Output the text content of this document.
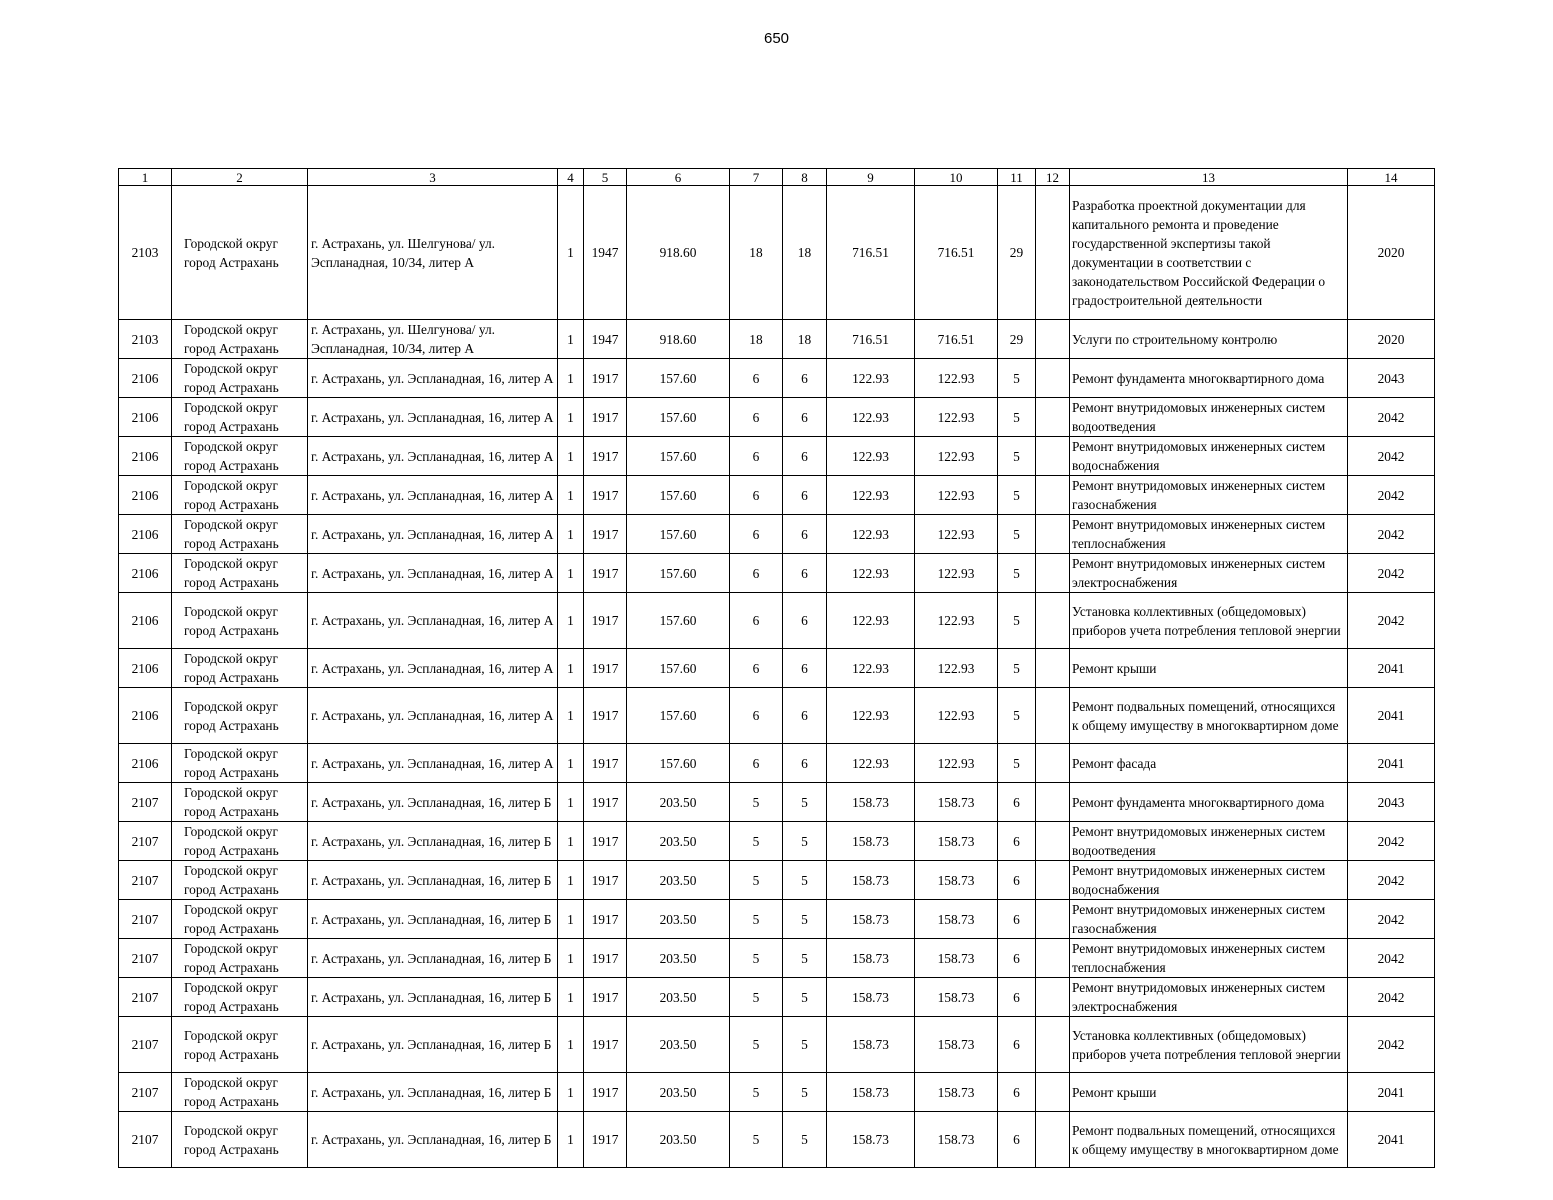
650
1	2	3	4	5	6	7	8	9	10	11	12	13	14
2103	Городской округ город Астрахань	г. Астрахань, ул. Шелгунова/ ул. Эспланадная, 10/34, литер А	1	1947	918.60	18	18	716.51	716.51	29		Разработка проектной документации для капитального ремонта и проведение государственной экспертизы такой документации в соответствии с законодательством Российской Федерации о градостроительной деятельности	2020
2103	Городской округ город Астрахань	г. Астрахань, ул. Шелгунова/ ул. Эспланадная, 10/34, литер А	1	1947	918.60	18	18	716.51	716.51	29		Услуги по строительному контролю	2020
2106	Городской округ город Астрахань	г. Астрахань, ул. Эспланадная, 16, литер А	1	1917	157.60	6	6	122.93	122.93	5		Ремонт фундамента многоквартирного дома	2043
2106	Городской округ город Астрахань	г. Астрахань, ул. Эспланадная, 16, литер А	1	1917	157.60	6	6	122.93	122.93	5		Ремонт внутридомовых инженерных систем водоотведения	2042
2106	Городской округ город Астрахань	г. Астрахань, ул. Эспланадная, 16, литер А	1	1917	157.60	6	6	122.93	122.93	5		Ремонт внутридомовых инженерных систем водоснабжения	2042
2106	Городской округ город Астрахань	г. Астрахань, ул. Эспланадная, 16, литер А	1	1917	157.60	6	6	122.93	122.93	5		Ремонт внутридомовых инженерных систем газоснабжения	2042
2106	Городской округ город Астрахань	г. Астрахань, ул. Эспланадная, 16, литер А	1	1917	157.60	6	6	122.93	122.93	5		Ремонт внутридомовых инженерных систем теплоснабжения	2042
2106	Городской округ город Астрахань	г. Астрахань, ул. Эспланадная, 16, литер А	1	1917	157.60	6	6	122.93	122.93	5		Ремонт внутридомовых инженерных систем электроснабжения	2042
2106	Городской округ город Астрахань	г. Астрахань, ул. Эспланадная, 16, литер А	1	1917	157.60	6	6	122.93	122.93	5		Установка коллективных (общедомовых) приборов учета потребления тепловой энергии	2042
2106	Городской округ город Астрахань	г. Астрахань, ул. Эспланадная, 16, литер А	1	1917	157.60	6	6	122.93	122.93	5		Ремонт крыши	2041
2106	Городской округ город Астрахань	г. Астрахань, ул. Эспланадная, 16, литер А	1	1917	157.60	6	6	122.93	122.93	5		Ремонт подвальных помещений, относящихся к общему имуществу в многоквартирном доме	2041
2106	Городской округ город Астрахань	г. Астрахань, ул. Эспланадная, 16, литер А	1	1917	157.60	6	6	122.93	122.93	5		Ремонт фасада	2041
2107	Городской округ город Астрахань	г. Астрахань, ул. Эспланадная, 16, литер Б	1	1917	203.50	5	5	158.73	158.73	6		Ремонт фундамента многоквартирного дома	2043
2107	Городской округ город Астрахань	г. Астрахань, ул. Эспланадная, 16, литер Б	1	1917	203.50	5	5	158.73	158.73	6		Ремонт внутридомовых инженерных систем водоотведения	2042
2107	Городской округ город Астрахань	г. Астрахань, ул. Эспланадная, 16, литер Б	1	1917	203.50	5	5	158.73	158.73	6		Ремонт внутридомовых инженерных систем водоснабжения	2042
2107	Городской округ город Астрахань	г. Астрахань, ул. Эспланадная, 16, литер Б	1	1917	203.50	5	5	158.73	158.73	6		Ремонт внутридомовых инженерных систем газоснабжения	2042
2107	Городской округ город Астрахань	г. Астрахань, ул. Эспланадная, 16, литер Б	1	1917	203.50	5	5	158.73	158.73	6		Ремонт внутридомовых инженерных систем теплоснабжения	2042
2107	Городской округ город Астрахань	г. Астрахань, ул. Эспланадная, 16, литер Б	1	1917	203.50	5	5	158.73	158.73	6		Ремонт внутридомовых инженерных систем электроснабжения	2042
2107	Городской округ город Астрахань	г. Астрахань, ул. Эспланадная, 16, литер Б	1	1917	203.50	5	5	158.73	158.73	6		Установка коллективных (общедомовых) приборов учета потребления тепловой энергии	2042
2107	Городской округ город Астрахань	г. Астрахань, ул. Эспланадная, 16, литер Б	1	1917	203.50	5	5	158.73	158.73	6		Ремонт крыши	2041
2107	Городской округ город Астрахань	г. Астрахань, ул. Эспланадная, 16, литер Б	1	1917	203.50	5	5	158.73	158.73	6		Ремонт подвальных помещений, относящихся к общему имуществу в многоквартирном доме	2041
